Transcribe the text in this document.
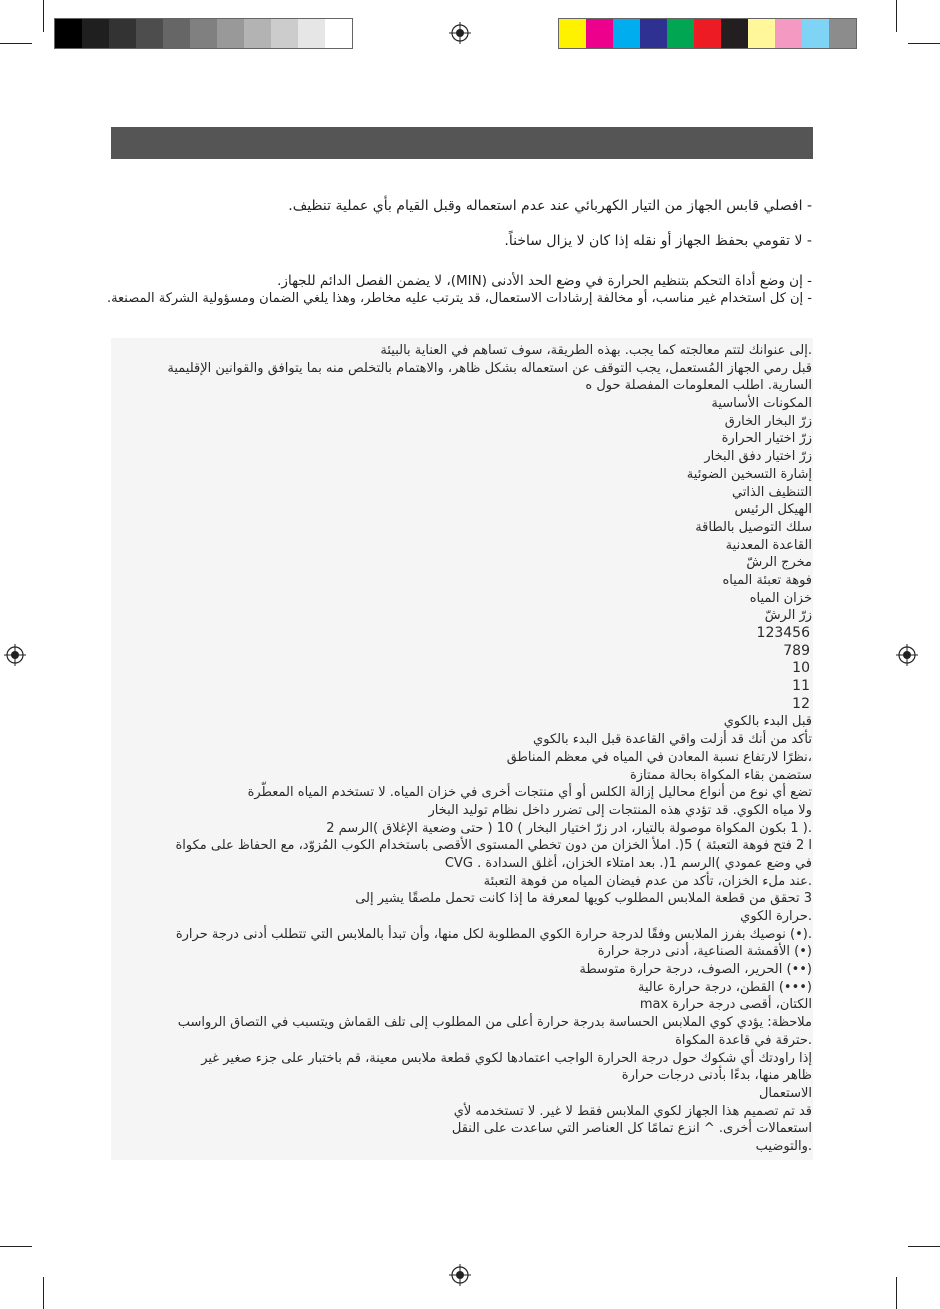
- افصلي قابس الجهاز من التيار الكهربائي عند عدم استعماله وقبل القيام بأي عملية تنظيف.
- لا تقومي بحفظ الجهاز أو نقله إذا كان لا يزال ساخناً.
- إن وضع أداة التحكم بتنظيم الحرارة في وضع الحد الأدنى (MIN)، لا يضمن الفصل الدائم للجهاز.
- إن كل استخدام غير مناسب، أو مخالفة إرشادات الاستعمال، قد يترتب عليه مخاطر، وهذا يلغي الضمان ومسؤولية الشركة المصنعة.
.إلى عنوانك لتتم معالجته كما يجب. بهذه الطريقة، سوف تساهم في العناية بالبيئة
قبل رمي الجهاز المُستعمل، يجب التوقف عن استعماله بشكل ظاهر، والاهتمام بالتخلص منه بما يتوافق والقوانين الإقليمية
السارية. اطلب المعلومات المفصلة حول ه
المكونات الأساسية
زرّ البخار الخارق
زرّ اختيار الحرارة
زرّ اختيار دفق البخار
إشارة التسخين الضوئية
التنظيف الذاتي
الهيكل الرئيس
سلك التوصيل بالطاقة
القاعدة المعدنية
مخرج الرشّ
فوهة تعبئة المياه
خزان المياه
زرّ الرشّ
123456
789
10
11
12
قبل البدء بالكوي
تأكد من أنك قد أزلت واقي القاعدة قبل البدء بالكوي
،نظرًا لارتفاع نسبة المعادن في المياه في معظم المناطق
ستضمن بقاء المكواة بحالة ممتازة
تضع أي نوع من أنواع محاليل إزالة الكلس أو أي منتجات أخرى في خزان المياه. لا تستخدم المياه المعطّرة
ولا مياه الكوي. قد تؤدي هذه المنتجات إلى تضرر داخل نظام توليد البخار
.( 1 بكون المكواة موصولة بالتيار، ادر زرّ اختيار البخار ) 10 ( حتى وضعية الإغلاق )الرسم 2
ا 2 فتح فوهة التعبئة ) 5(. املأ الخزان من دون تخطي المستوى الأقصى باستخدام الكوب المُزوّد، مع الحفاظ على مكواة
في وضع عمودي )الرسم 1(. بعد امتلاء الخزان، أغلق السدادة . CVG
.عند ملء الخزان، تأكد من عدم فيضان المياه من فوهة التعبئة
3 تحقق من قطعة الملابس المطلوب كويها لمعرفة ما إذا كانت تحمل ملصقًا يشير إلى
.حرارة الكوي
.(•) نوصيك بفرز الملابس وفقًا لدرجة حرارة الكوي المطلوبة لكل منها، وأن تبدأ بالملابس التي تتطلب أدنى درجة حرارة
(•) الأقمشة الصناعية، أدنى درجة حرارة
(••) الحرير، الصوف، درجة حرارة متوسطة
(•••) القطن، درجة حرارة عالية
الكتان، أقصى درجة حرارة max
ملاحظة: يؤدي كوي الملابس الحساسة بدرجة حرارة أعلى من المطلوب إلى تلف القماش ويتسبب في التصاق الرواسب
.حترقة في قاعدة المكواة
إذا راودتك أي شكوك حول درجة الحرارة الواجب اعتمادها لكوي قطعة ملابس معينة، قم باختبار على جزء صغير غير
ظاهر منها، بدءًا بأدنى درجات حرارة
الاستعمال
قد تم تصميم هذا الجهاز لكوي الملابس فقط لا غير. لا تستخدمه لأي
استعمالات أخرى. ^ انزع تمامًا كل العناصر التي ساعدت على النقل
.والتوضيب
